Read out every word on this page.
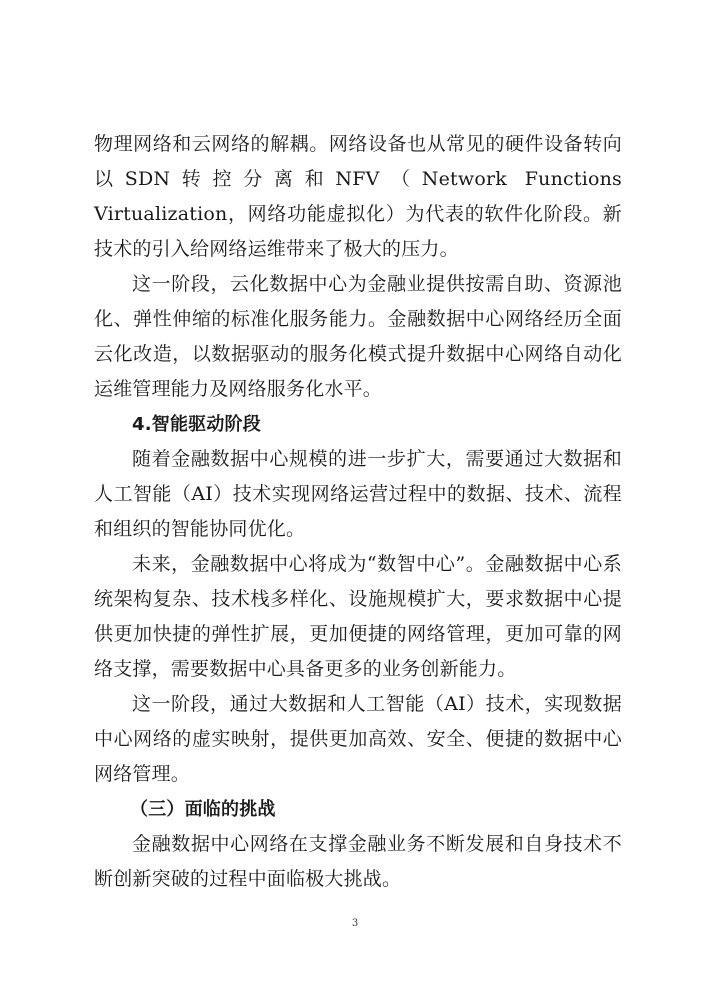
物理网络和云网络的解耦。网络设备也从常见的硬件设备转向以SDN转控分离和NFV（Network Functions Virtualization，网络功能虚拟化）为代表的软件化阶段。新技术的引入给网络运维带来了极大的压力。

这一阶段，云化数据中心为金融业提供按需自助、资源池化、弹性伸缩的标准化服务能力。金融数据中心网络经历全面云化改造，以数据驱动的服务化模式提升数据中心网络自动化运维管理能力及网络服务化水平。

4.智能驱动阶段

随着金融数据中心规模的进一步扩大，需要通过大数据和人工智能（AI）技术实现网络运营过程中的数据、技术、流程和组织的智能协同优化。

未来，金融数据中心将成为“数智中心”。金融数据中心系统架构复杂、技术栈多样化、设施规模扩大，要求数据中心提供更加快捷的弹性扩展，更加便捷的网络管理，更加可靠的网络支撑，需要数据中心具备更多的业务创新能力。

这一阶段，通过大数据和人工智能（AI）技术，实现数据中心网络的虚实映射，提供更加高效、安全、便捷的数据中心网络管理。

（三）面临的挑战

金融数据中心网络在支撑金融业务不断发展和自身技术不断创新突破的过程中面临极大挑战。

3
